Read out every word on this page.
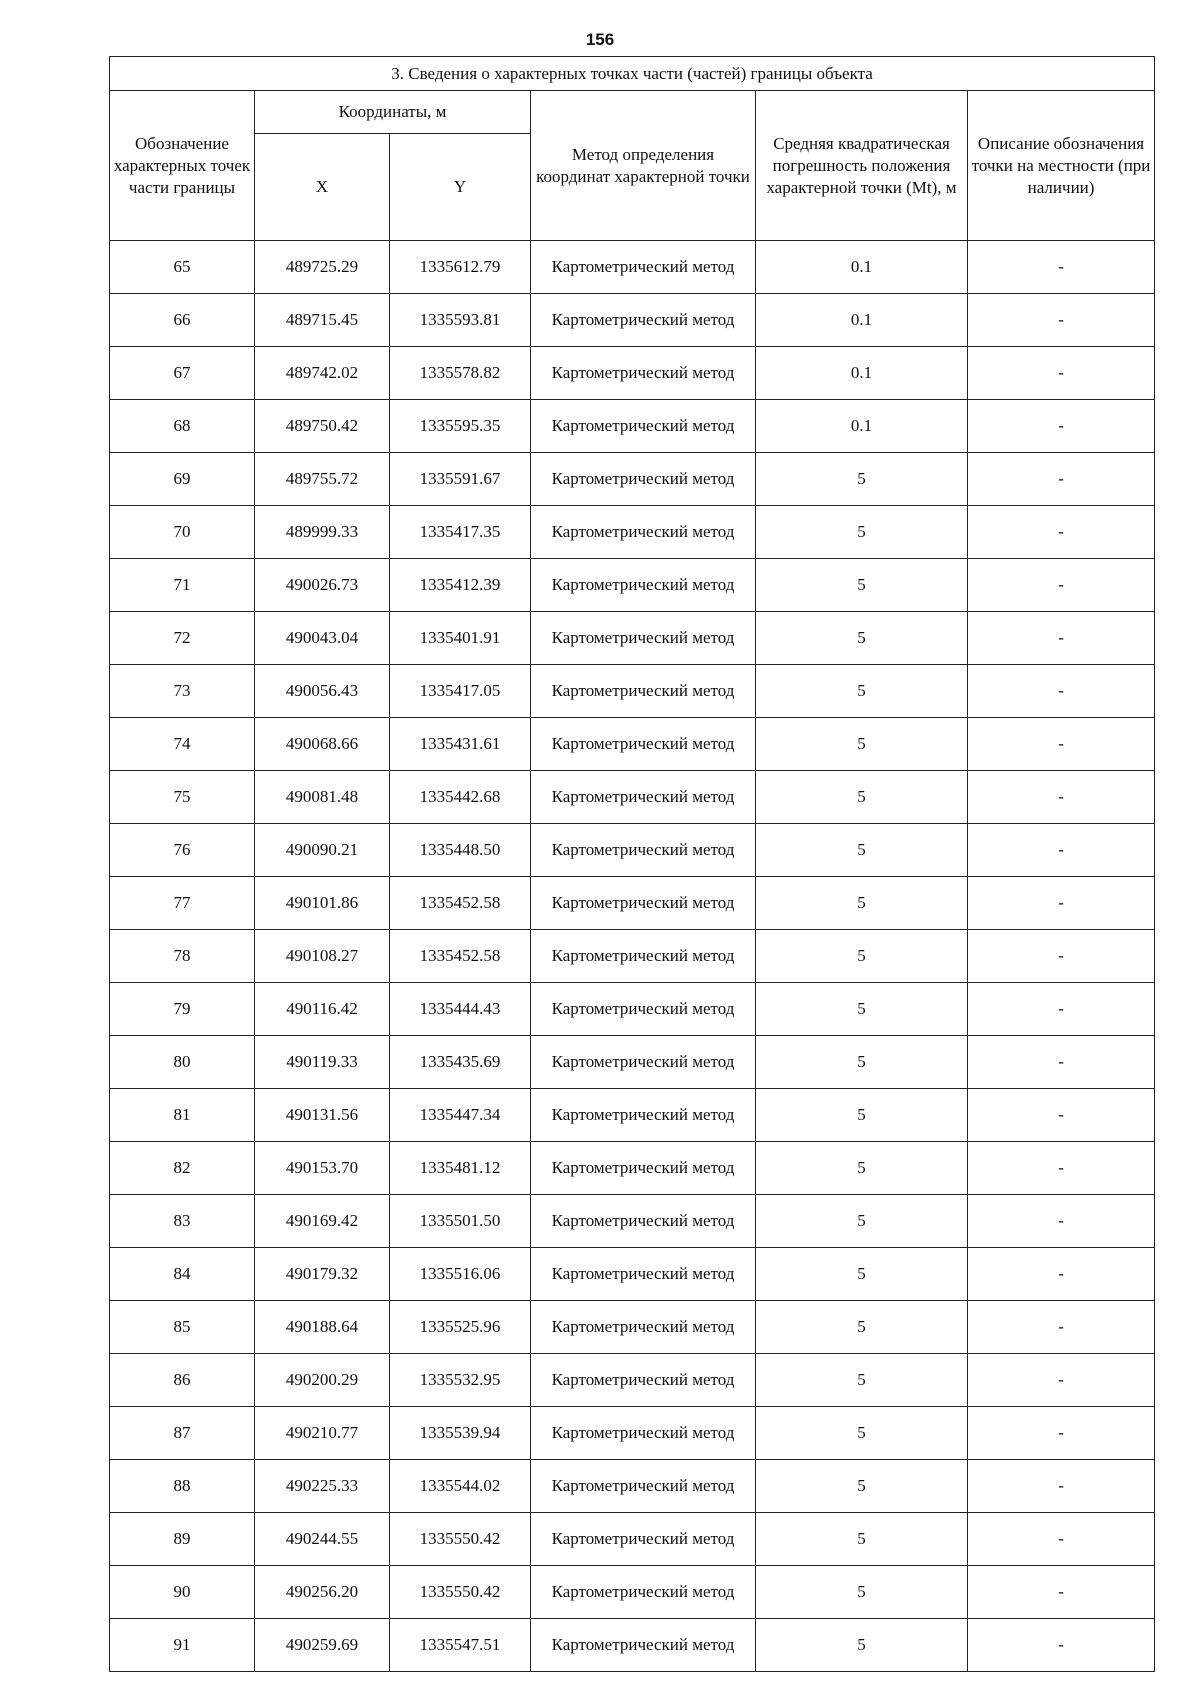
156
3. Сведения о характерных точках части (частей) границы объекта					
Обозначение характерных точек части границы	Координаты, м		Метод определения координат характерной точки	Средняя квадратическая погрешность положения характерной точки (Mt), м	Описание обозначения точки на местности (при наличии)
	X	Y			
65	489725.29	1335612.79	Картометрический метод	0.1	-
66	489715.45	1335593.81	Картометрический метод	0.1	-
67	489742.02	1335578.82	Картометрический метод	0.1	-
68	489750.42	1335595.35	Картометрический метод	0.1	-
69	489755.72	1335591.67	Картометрический метод	5	-
70	489999.33	1335417.35	Картометрический метод	5	-
71	490026.73	1335412.39	Картометрический метод	5	-
72	490043.04	1335401.91	Картометрический метод	5	-
73	490056.43	1335417.05	Картометрический метод	5	-
74	490068.66	1335431.61	Картометрический метод	5	-
75	490081.48	1335442.68	Картометрический метод	5	-
76	490090.21	1335448.50	Картометрический метод	5	-
77	490101.86	1335452.58	Картометрический метод	5	-
78	490108.27	1335452.58	Картометрический метод	5	-
79	490116.42	1335444.43	Картометрический метод	5	-
80	490119.33	1335435.69	Картометрический метод	5	-
81	490131.56	1335447.34	Картометрический метод	5	-
82	490153.70	1335481.12	Картометрический метод	5	-
83	490169.42	1335501.50	Картометрический метод	5	-
84	490179.32	1335516.06	Картометрический метод	5	-
85	490188.64	1335525.96	Картометрический метод	5	-
86	490200.29	1335532.95	Картометрический метод	5	-
87	490210.77	1335539.94	Картометрический метод	5	-
88	490225.33	1335544.02	Картометрический метод	5	-
89	490244.55	1335550.42	Картометрический метод	5	-
90	490256.20	1335550.42	Картометрический метод	5	-
91	490259.69	1335547.51	Картометрический метод	5	-
